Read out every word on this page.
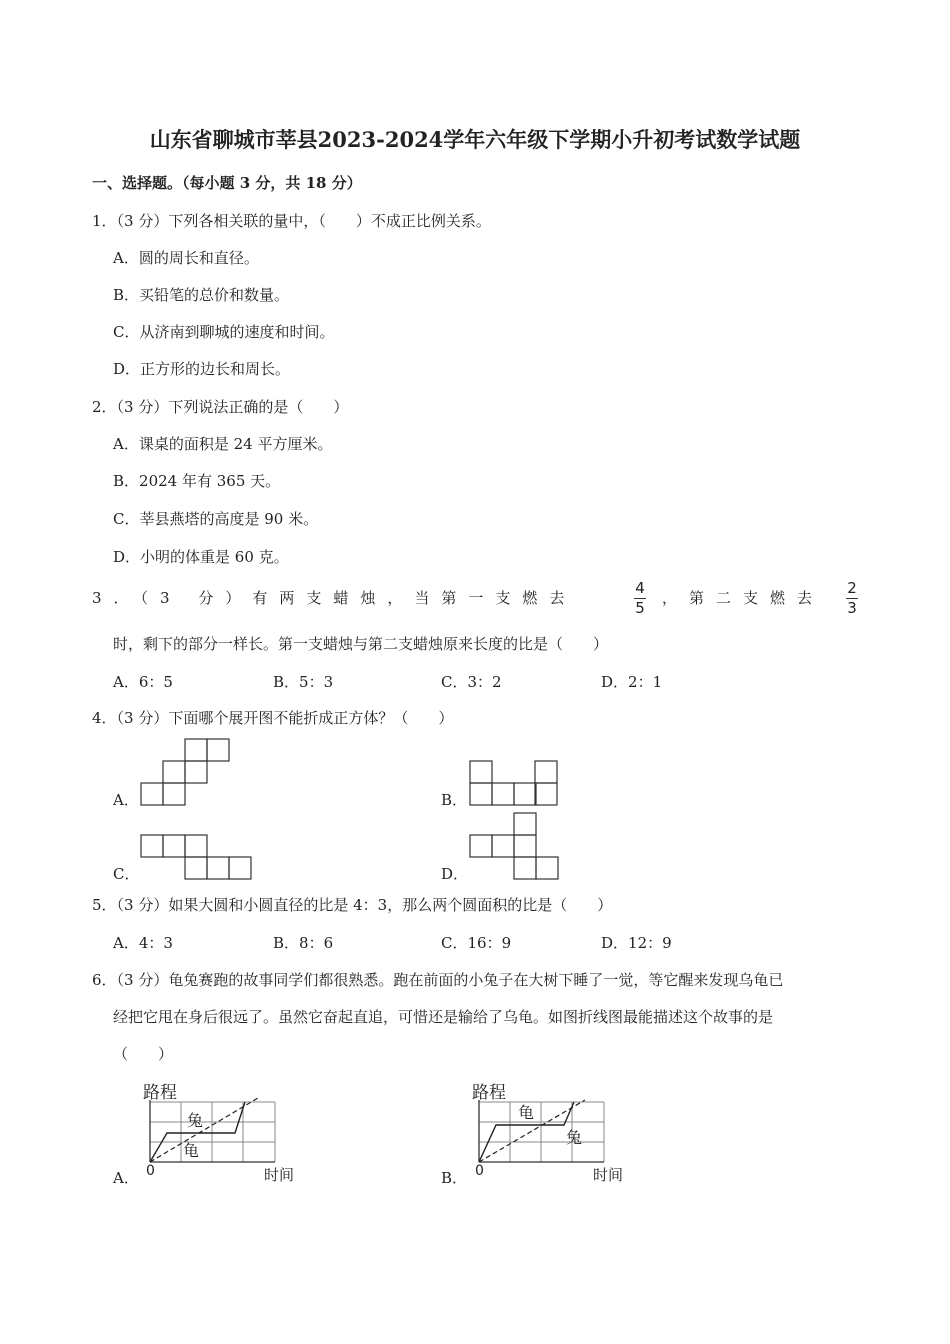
山东省聊城市莘县2023-2024学年六年级下学期小升初考试数学试题
一、选择题。（每小题 3 分，共 18 分）
1．（3 分）下列各相关联的量中，（　　）不成正比例关系。
A．圆的周长和直径。
B．买铅笔的总价和数量。
C．从济南到聊城的速度和时间。
D．正方形的边长和周长。
2．（3 分）下列说法正确的是（　　）
A．课桌的面积是 24 平方厘米。
B．2024 年有 365 天。
C．莘县燕塔的高度是 90 米。
D．小明的体重是 60 克。
3．（3 分）有两支蜡烛，当第一支燃去
4
5
，第二支燃去
2
3
时，剩下的部分一样长。第一支蜡烛与第二支蜡烛原来长度的比是（　　）
A．6：5	B．5：3	C．3：2	D．2：1
4．（3 分）下面哪个展开图不能折成正方体？（　　）
A．	B．
C．	D．
5．（3 分）如果大圆和小圆直径的比是 4：3，那么两个圆面积的比是（　　）
A．4：3	B．8：6	C．16：9	D．12：9
6．（3 分）龟兔赛跑的故事同学们都很熟悉。跑在前面的小兔子在大树下睡了一觉，等它醒来发现乌龟已
经把它甩在身后很远了。虽然它奋起直追，可惜还是输给了乌龟。如图折线图最能描述这个故事的是
（　　）
A．
路程
时间
0
兔
龟
B．
路程
时间
0
龟
兔
